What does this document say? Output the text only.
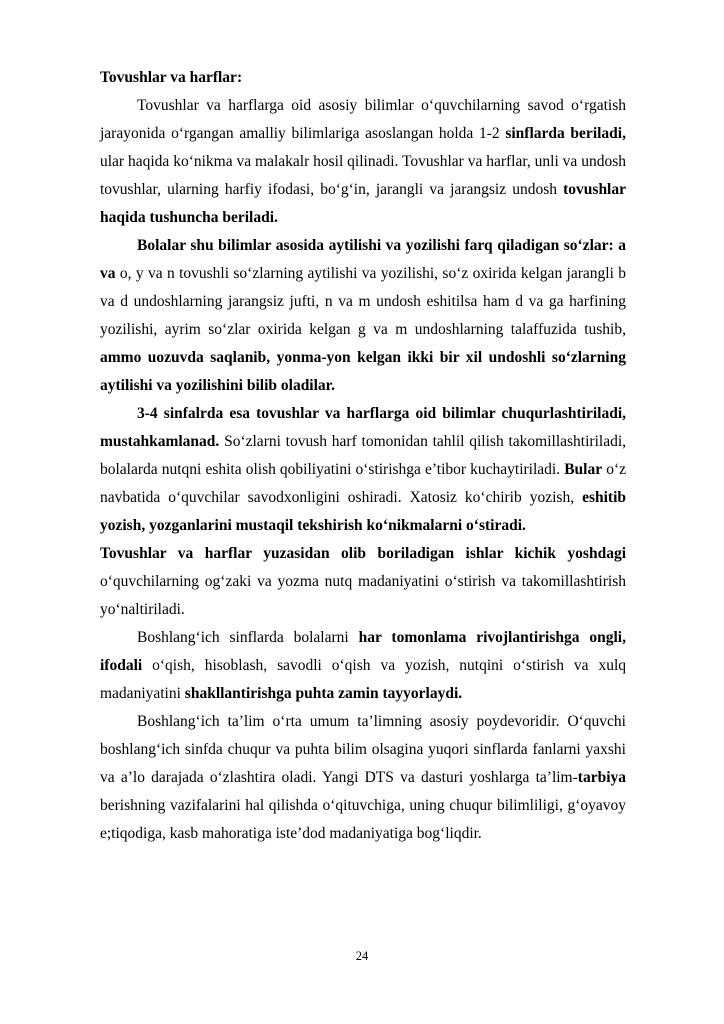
Tovushlar va harflar:

Tovushlar va harflarga oid asosiy bilimlar o‘quvchilarning savod o‘rgatish jarayonida o‘rgangan amalliy bilimlariga asoslangan holda 1-2 sinflarda beriladi, ular haqida ko‘nikma va malakalr hosil qilinadi. Tovushlar va harflar, unli va undosh tovushlar, ularning harfiy ifodasi, bo‘g‘in, jarangli va jarangsiz undosh tovushlar haqida tushuncha beriladi.

Bolalar shu bilimlar asosida aytilishi va yozilishi farq qiladigan so‘zlar: a va o, y va n tovushli so‘zlarning aytilishi va yozilishi, so‘z oxirida kelgan jarangli b va d undoshlarning jarangsiz jufti, n va m undosh eshitilsa ham d va ga harfining yozilishi, ayrim so‘zlar oxirida kelgan g va m undoshlarning talaffuzida tushib, ammo uozuvda saqlanib, yonma-yon kelgan ikki bir xil undoshli so‘zlarning aytilishi va yozilishini bilib oladilar.

3-4 sinfalrda esa tovushlar va harflarga oid bilimlar chuqurlashtiriladi, mustahkamlanad. So‘zlarni tovush harf tomonidan tahlil qilish takomillashtiriladi, bolalarda nutqni eshita olish qobiliyatini o‘stirishga e’tibor kuchaytiriladi. Bular o‘z navbatida o‘quvchilar savodxonligini oshiradi. Xatosiz ko‘chirib yozish, eshitib yozish, yozganlarini mustaqil tekshirish ko‘nikmalarni o‘stiradi.

Tovushlar va harflar yuzasidan olib boriladigan ishlar kichik yoshdagi o‘quvchilarning og‘zaki va yozma nutq madaniyatini o‘stirish va takomillashtirish yo‘naltiriladi.

Boshlang‘ich sinflarda bolalarni har tomonlama rivojlantirishga ongli, ifodali o‘qish, hisoblash, savodli o‘qish va yozish, nutqini o‘stirish va xulq madaniyatini shakllantirishga puhta zamin tayyorlaydi.

Boshlang‘ich ta’lim o‘rta umum ta’limning asosiy poydevoridir. O‘quvchi boshlang‘ich sinfda chuqur va puhta bilim olsagina yuqori sinflarda fanlarni yaxshi va a’lo darajada o‘zlashtira oladi. Yangi DTS va dasturi yoshlarga ta’lim-tarbiya berishning vazifalarini hal qilishda o‘qituvchiga, uning chuqur bilimliligi, g‘oyavoy e;tiqodiga, kasb mahoratiga iste’dod madaniyatiga bog‘liqdir.

24
